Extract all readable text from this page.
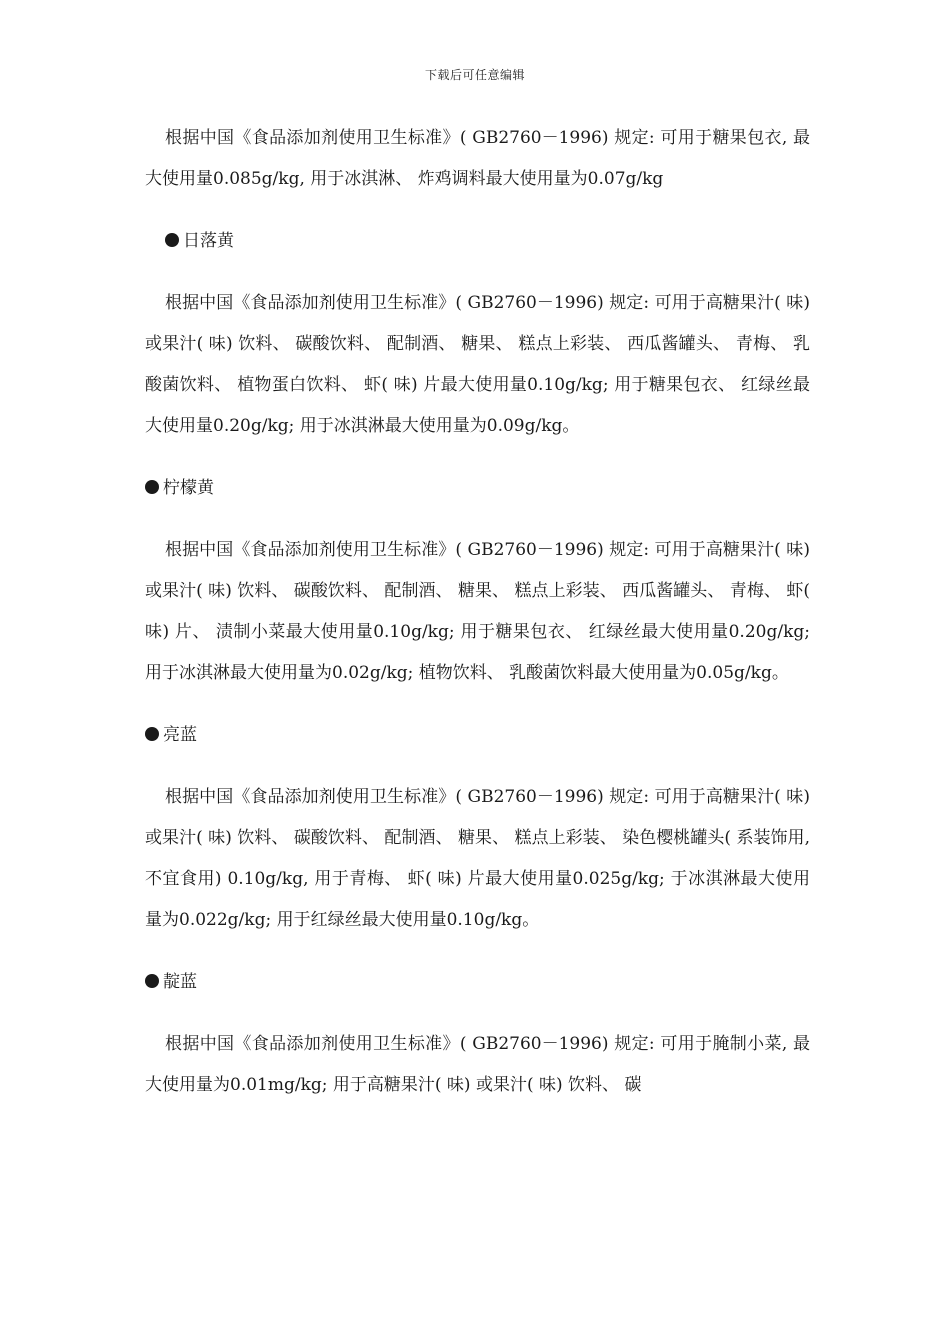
下载后可任意编辑

根据中国《食品添加剂使用卫生标准》( GB2760－1996) 规定: 可用于糖果包衣, 最大使用量0.085g/kg, 用于冰淇淋、 炸鸡调料最大使用量为0.07g/kg

日落黄

根据中国《食品添加剂使用卫生标准》( GB2760－1996) 规定: 可用于高糖果汁( 味) 或果汁( 味) 饮料、 碳酸饮料、 配制酒、 糖果、 糕点上彩装、 西瓜酱罐头、 青梅、 乳酸菌饮料、 植物蛋白饮料、 虾( 味) 片最大使用量0.10g/kg; 用于糖果包衣、 红绿丝最大使用量0.20g/kg; 用于冰淇淋最大使用量为0.09g/kg。

柠檬黄

根据中国《食品添加剂使用卫生标准》( GB2760－1996) 规定: 可用于高糖果汁( 味) 或果汁( 味) 饮料、 碳酸饮料、 配制酒、 糖果、 糕点上彩装、 西瓜酱罐头、 青梅、 虾( 味) 片、 渍制小菜最大使用量0.10g/kg; 用于糖果包衣、 红绿丝最大使用量0.20g/kg; 用于冰淇淋最大使用量为0.02g/kg; 植物饮料、 乳酸菌饮料最大使用量为0.05g/kg。

亮蓝

根据中国《食品添加剂使用卫生标准》( GB2760－1996) 规定: 可用于高糖果汁( 味) 或果汁( 味) 饮料、 碳酸饮料、 配制酒、 糖果、 糕点上彩装、 染色樱桃罐头( 系装饰用, 不宜食用) 0.10g/kg, 用于青梅、 虾( 味) 片最大使用量0.025g/kg; 于冰淇淋最大使用量为0.022g/kg; 用于红绿丝最大使用量0.10g/kg。

靛蓝

根据中国《食品添加剂使用卫生标准》( GB2760－1996) 规定: 可用于腌制小菜, 最大使用量为0.01mg/kg; 用于高糖果汁( 味) 或果汁( 味) 饮料、 碳
